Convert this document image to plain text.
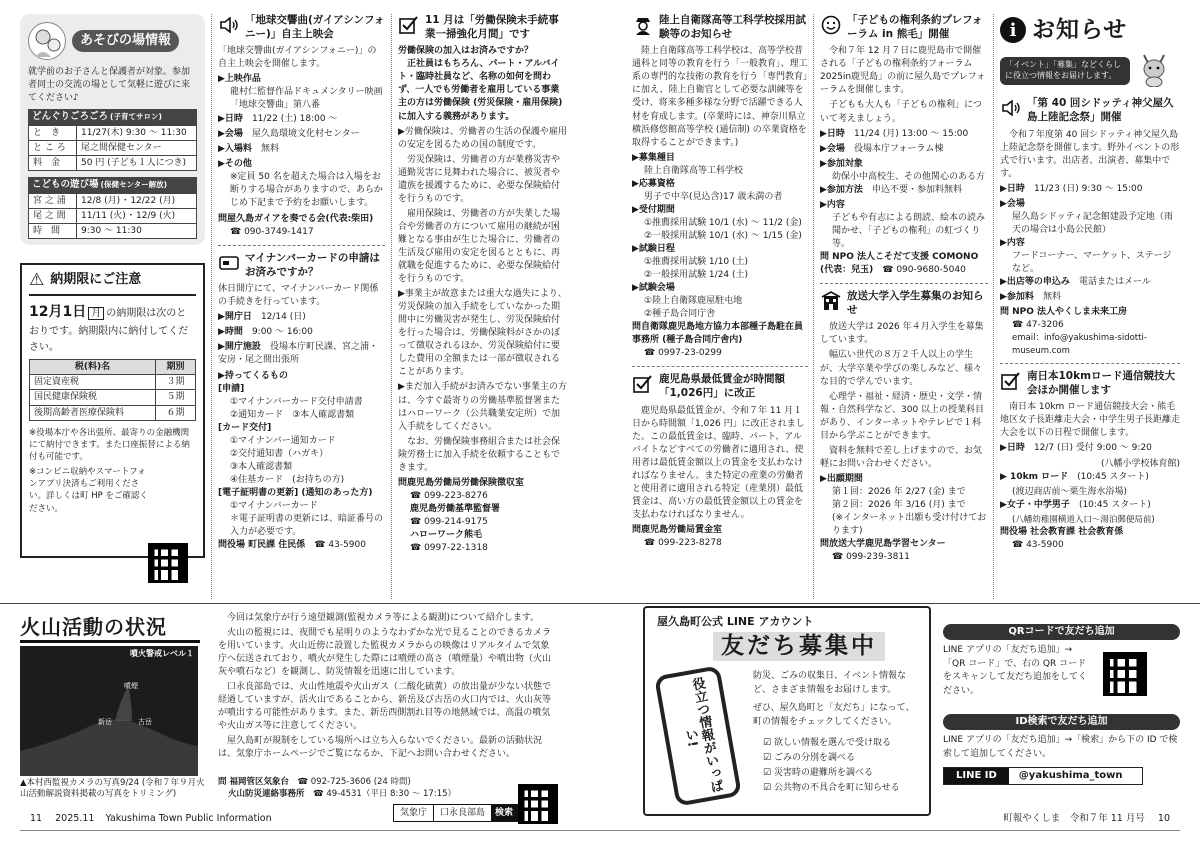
あそびの場情報
就学前のお子さんと保護者が対象。参加者同士の交流の場として気軽に遊びに来てください♪
どんぐりごろごろ (子育てサロン)
と　き	11/27(木) 9:30 ～ 11:30
と こ ろ	尾之間保健センター
料　金	50 円 (子ども１人につき)
こどもの遊び場 (保健センター解放)
宮 之 浦	12/8 (月) ･ 12/22 (月)
尾 之 間	11/11 (火) ･ 12/9 (火)
時　間	9:30 ～ 11:30
⚠ 納期限にご注意
12月1日 月 の納期限は次のとおりです。納期限内に納付してください。
税(料)名	期別
固定資産税	３期
国民健康保険税	５期
後期高齢者医療保険料	６期
※役場本庁や各出張所、最寄りの金融機関にて納付できます。また口座振替による納付も可能です。
※コンビニ収納やスマートフォンアプリ決済もご利用ください。詳しくは町 HP をご確認ください。
「地球交響曲(ガイアシンフォニー)」自主上映会
「地球交響曲(ガイアシンフォニー)」の自主上映会を開催します。
▶上映作品
龍村仁監督作品ドキュメンタリー映画「地球交響曲」第八番
▶日時　 11/22 (土) 18:00 ～
▶会場　 屋久島環境文化村センター
▶入場料　 無料
▶その他
※定員 50 名を超えた場合は入場をお断りする場合がありますので、あらかじめ下記まで予約をお願いします。
問屋久島ガイアを奏でる会(代表:柴田)
☎ 090-3749-1417
マイナンバーカードの申請はお済みですか？
休日開庁にて、マイナンバーカード関係の手続きを行っています。
▶開庁日　 12/14 (日)
▶時間　 9:00 ～ 16:00
▶開庁施設　 役場本庁町民課、宮之浦・安房・尾之間出張所
▶持ってくるもの
[申請]
①マイナンバーカード交付申請書
②通知カード　③本人確認書類
[カード交付]
①マイナンバー通知カード
②交付通知書（ハガキ）
③本人確認書類
④住基カード　(お持ちの方)
[電子証明書の更新] (通知のあった方)
①マイナンバーカード
＊電子証明書の更新には、暗証番号の入力が必要です。
問役場 町民課 住民係　 ☎ 43-5900
11 月は「労働保険未手続事業一掃強化月間」です
労働保険の加入はお済みですか？
正社員はもちろん、パート・アルバイト・臨時社員など、名称の如何を問わず、一人でも労働者を雇用している事業主の方は労働保険 (労災保険・雇用保険) に加入する義務があります。
▶労働保険は、労働者の生活の保護や雇用の安定を図るための国の制度です。
労災保険は、労働者の方が業務災害や通勤災害に見舞われた場合に、被災者や遺族を援護するために、必要な保険給付を行うものです。
雇用保険は、労働者の方が失業した場合や労働者の方について雇用の継続が困難となる事由が生じた場合に、労働者の生活及び雇用の安定を図るとともに、再就職を促進するために、必要な保険給付を行うものです。
▶事業主が故意または重大な過失により、労災保険の加入手続をしていなかった期間中に労働災害が発生し、労災保険給付を行った場合は、労働保険料がさかのぼって徴収されるほか、労災保険給付に要した費用の全額または一部が徴収されることがあります。
▶まだ加入手続がお済みでない事業主の方は、今すぐ最寄りの労働基準監督署またはハローワーク（公共職業安定所）で加入手続をしてください。
なお、労働保険事務組合または社会保険労務士に加入手続を依頼することもできます。
問鹿児島労働局労働保険徴収室
☎ 099-223-8276
鹿児島労働基準監督署
☎ 099-214-9175
ハローワーク熊毛
☎ 0997-22-1318
陸上自衛隊高等工科学校採用試験等のお知らせ
陸上自衛隊高等工科学校は、高等学校普通科と同等の教育を行う「一般教育」、理工系の専門的な技術の教育を行う「専門教育」に加え、陸上自衛官として必要な訓練等を受け、将来多種多様な分野で活躍できる人材を育成します。(卒業時には、神奈川県立横浜修悠館高等学校 (通信制) の卒業資格を取得することができます。)
▶募集種目
陸上自衛隊高等工科学校
▶応募資格
男子で中卒(見込含)17 歳未満の者
▶受付期間
①推薦採用試験 10/1 (水) ～ 11/2 (金)
②一般採用試験 10/1 (水) ～ 1/15 (金)
▶試験日程
①推薦採用試験 1/10 (土)
②一般採用試験 1/24 (土)
▶試験会場
①陸上自衛隊鹿屋駐屯地
②種子島合同庁舎
問自衛隊鹿児島地方協力本部種子島駐在員事務所 (種子島合同庁舎内)
☎ 0997-23-0299
鹿児島県最低賃金が時間額「1,026円」に改正
鹿児島県最低賃金が、令和７年 11 月１日から時間額「1,026 円」に改正されました。この最低賃金は、臨時、パート、アルバイトなどすべての労働者に適用され、使用者は最低賃金額以上の賃金を支払わなければなりません。また特定の産業の労働者と使用者に適用される特定（産業別）最低賃金は、高い方の最低賃金額以上の賃金を支払わなければなりません。
問鹿児島労働局賃金室
☎ 099-223-8278
「子どもの権利条約プレフォーラム in 熊毛」開催
令和７年 12 月７日に鹿児島市で開催される「子どもの権利条約フォーラム 2025in鹿児島」の前に屋久島でプレフォーラムを開催します。
子どもも大人も「子どもの権利」について考えましょう。
▶日時　 11/24 (月) 13:00 ～ 15:00
▶会場　 役場本庁フォーラム棟
▶参加対象
幼保小中高校生、その他関心のある方
▶参加方法　 申込不要・参加料無料
▶内容
子どもや有志による朗読、絵本の読み聞かせ、「子どもの権利」の虹づくり等。
問 NPO 法人こそだて支援 COMONO
(代表：兒玉)　 ☎ 090-9680-5040
放送大学入学生募集のお知らせ
放送大学は 2026 年４月入学生を募集しています。
幅広い世代の８万２千人以上の学生が、大学卒業や学びの楽しみなど、様々な目的で学んでいます。
心理学・福祉・経済・歴史・文学・情報・自然科学など、300 以上の授業科目があり、インターネットやテレビで１科目から学ぶことができます。
資料を無料で差し上げますので、お気軽にお問い合わせください。
▶出願期間
第１回：2026 年 2/27 (金) まで
第２回：2026 年 3/16 (月) まで
(※インターネット出願も受け付けております)
問放送大学鹿児島学習センター
☎ 099-239-3811
i お知らせ
「イベント」「募集」などくらしに役立つ情報をお届けします。
「第 40 回シドッティ神父屋久島上陸記念祭」開催
令和７年度第 40 回シドッティ神父屋久島上陸記念祭を開催します。野外イベントの形式で行います。出店者、出演者、募集中です。
▶日時　 11/23 (日) 9:30 ～ 15:00
▶会場
屋久島シドッティ記念館建設予定地（雨天の場合は小島公民館）
▶内容
フードコーナー、マーケット、ステージなど。
▶出店等の申込み　 電話またはメール
▶参加料　 無料
問 NPO 法人やくしま未来工房
☎ 47-3206
email：info@yakushima-sidotti-museum.com
南日本10kmロード通信競技大会ほか開催します
南日本 10km ロード通信競技大会・熊毛地区女子長距離走大会・中学生男子長距離走大会を以下の日程で開催します。
▶日時　 12/7 (日) 受付 9:00 ～ 9:20
(八幡小学校体育館)
▶ 10km ロード　 (10:45 スタート)
(渡辺商店前～栗生海水浴場)
▶女子・中学男子　 (10:45 スタート)
(八幡幼稚園横道入口～湯泊郵便局前)
問役場 社会教育課 社会教育係
☎ 43-5900
火山活動の状況
噴火警戒レベル１
噴煙
新岳	古岳
▲本村西監視カメラの写真9/24 (令和７年９月火山活動解説資料掲載の写真をトリミング)
今回は気象庁が行う遠望観測(監視カメラ等による観測)について紹介します。
火山の監視には、夜間でも星明りのようなわずかな光で見ることのできるカメラを用いています。火山近傍に設置した監視カメラからの映像はリアルタイムで気象庁へ伝送されており、噴火が発生した際には噴煙の高さ（噴煙量）や噴出物（火山灰や噴石など）を観測し、防災情報を迅速に出しています。
口永良部島では、火山性地震や火山ガス（二酸化硫黄）の放出量が少ない状態で経過していますが、活火山であることから、新岳及び古岳の火口内では、火山灰等が噴出する可能性があります。また、新岳西側割れ目等の地熱域では、高温の噴気や火山ガス等に注意してください。
屋久島町が規制をしている場所へは立ち入らないでください。最新の活動状況は、気象庁ホームページでご覧になるか、下記へお問い合わせください。
問 福岡管区気象台　 ☎ 092-725-3606 (24 時間)
火山防災連絡事務所　 ☎ 49-4531（平日 8:30 ～ 17:15）
気象庁	口永良部島	検索
屋久島町公式 LINE アカウント
友だち募集中
役立つ情報がいっぱい!
防災、ごみの収集日、イベント情報など、さまざま情報をお届けします。
ぜひ、屋久島町と「友だち」になって、町の情報をチェックしてください。
☑ 欲しい情報を選んで受け取る
☑ ごみの分別を調べる
☑ 災害時の避難所を調べる
☑ 公共物の不具合を町に知らせる
QRコードで友だち追加
LINE アプリの「友だち追加」→「QR コード」で、右の QR コードをスキャンして友だち追加をしてください。
ID検索で友だち追加
LINE アプリの「友だち追加」→「検索」から下の ID で検索して追加してください。
LINE ID	@yakushima_town
11 2025.11 Yakushima Town Public Information	町報やくしま　令和７年 11 月号 10
